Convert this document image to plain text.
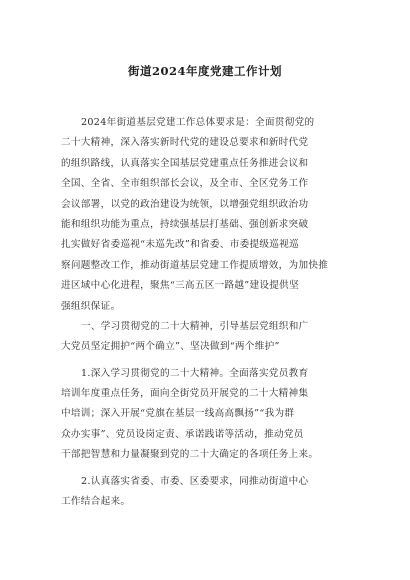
街道2024年度党建工作计划
2024年街道基层党建工作总体要求是：全面贯彻党的
二十大精神，深入落实新时代党的建设总要求和新时代党
的组织路线，认真落实全国基层党建重点任务推进会议和
全国、全省、全市组织部长会议，及全市、全区党务工作
会议部署，以党的政治建设为统领，以增强党组织政治功
能和组织功能为重点，持续强基层打基础、强创新求突破
扎实做好省委巡视“未巡先改”和省委、市委提级巡视巡
察问题整改工作，推动街道基层党建工作提质增效，为加快推
进区域中心化进程，聚焦“三高五区一路越”建设提供坚
强组织保证。
一、学习贯彻党的二十大精神，引导基层党组织和广
大党员坚定拥护“两个确立”、坚决做到“两个维护”
1.深入学习贯彻党的二十大精神。全面落实党员教育
培训年度重点任务，面向全街党员开展党的二十大精神集
中培训；深入开展“党旗在基层一线高高飘扬”“我为群
众办实事”、党员设岗定责、承诺践诺等活动，推动党员
干部把智慧和力量凝聚到党的二十大确定的各项任务上来。
2.认真落实省委、市委、区委要求，同推动街道中心
工作结合起来。
